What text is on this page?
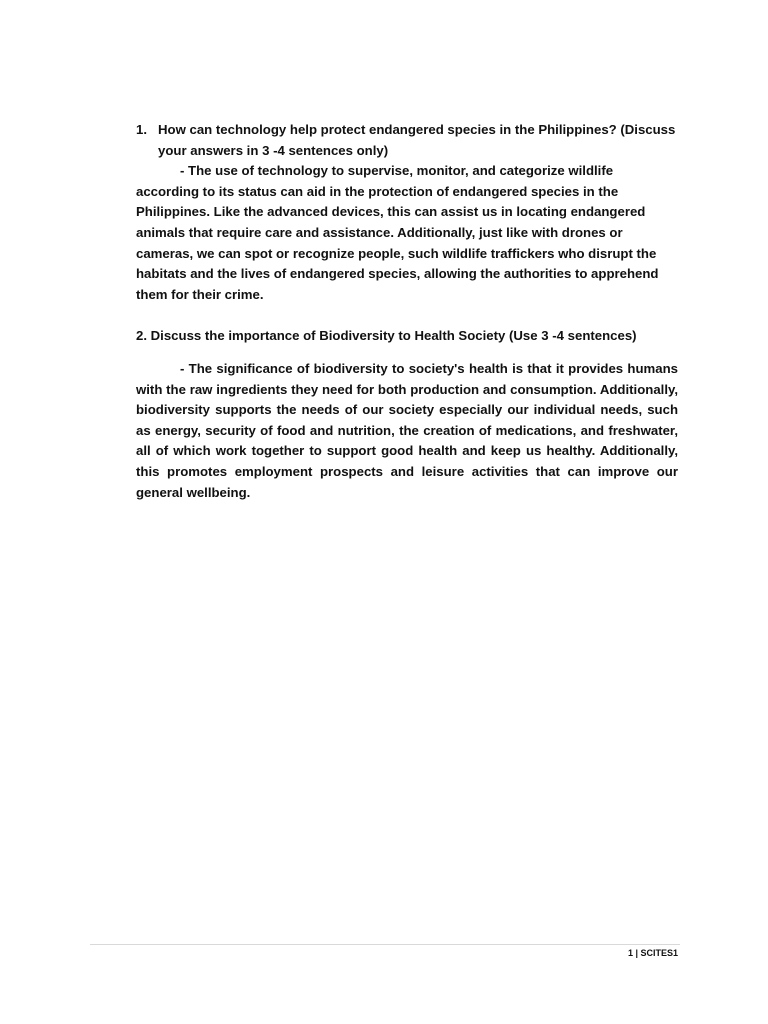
1. How can technology help protect endangered species in the Philippines? (Discuss your answers in 3 -4 sentences only)
- The use of technology to supervise, monitor, and categorize wildlife according to its status can aid in the protection of endangered species in the Philippines. Like the advanced devices, this can assist us in locating endangered animals that require care and assistance. Additionally, just like with drones or cameras, we can spot or recognize people, such wildlife traffickers who disrupt the habitats and the lives of endangered species, allowing the authorities to apprehend them for their crime.
2. Discuss the importance of Biodiversity to Health Society (Use 3 -4 sentences)
- The significance of biodiversity to society's health is that it provides humans with the raw ingredients they need for both production and consumption. Additionally, biodiversity supports the needs of our society especially our individual needs, such as energy, security of food and nutrition, the creation of medications, and freshwater, all of which work together to support good health and keep us healthy. Additionally, this promotes employment prospects and leisure activities that can improve our general wellbeing.
1 | SCITES1
